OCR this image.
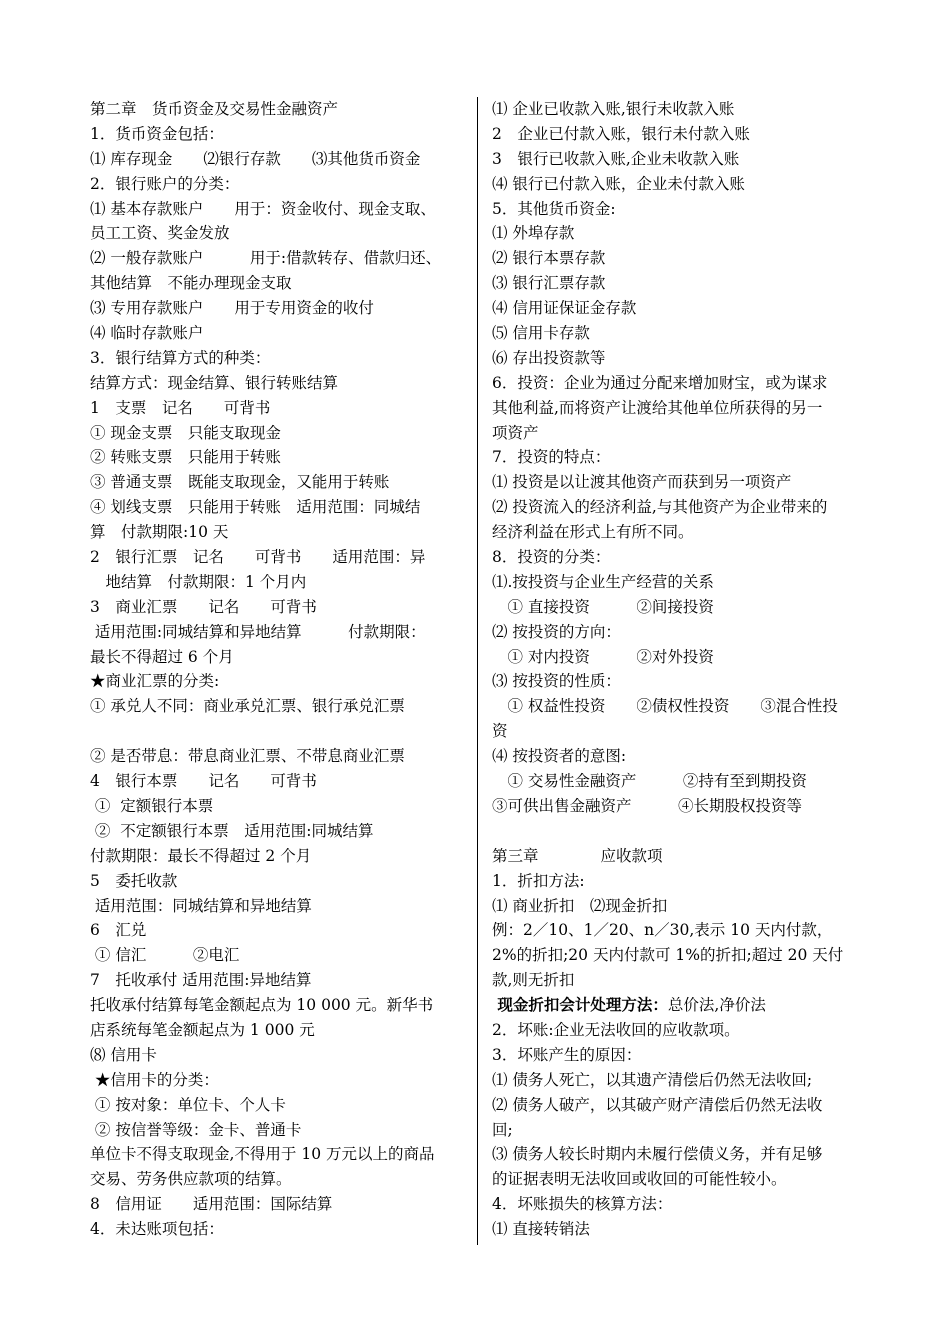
第二章　货币资金及交易性金融资产
1．货币资金包括：
⑴ 库存现金　　⑵银行存款　　⑶其他货币资金
2．银行账户的分类：
⑴ 基本存款账户　　用于：资金收付、现金支取、
员工工资、奖金发放
⑵ 一般存款账户　　　用于:借款转存、借款归还、
其他结算　不能办理现金支取
⑶ 专用存款账户　　用于专用资金的收付
⑷ 临时存款账户
3．银行结算方式的种类：
结算方式：现金结算、银行转账结算
1　支票　记名　　可背书
① 现金支票　只能支取现金
② 转账支票　只能用于转账
③ 普通支票　既能支取现金，又能用于转账
④ 划线支票　只能用于转账　适用范围：同城结
算　付款期限:10 天
2　银行汇票　记名　　可背书　　适用范围：异
　地结算　付款期限：1 个月内
3　商业汇票　　记名　　可背书
适用范围:同城结算和异地结算　　　付款期限：
最长不得超过 6 个月
★商业汇票的分类:
① 承兑人不同：商业承兑汇票、银行承兑汇票
② 是否带息：带息商业汇票、不带息商业汇票
4　银行本票　　记名　　可背书
①  定额银行本票
②  不定额银行本票　适用范围:同城结算
付款期限：最长不得超过 2 个月
5　委托收款
适用范围：同城结算和异地结算
6　汇兑
① 信汇　　　②电汇
7　托收承付 适用范围:异地结算
托收承付结算每笔金额起点为 10 000 元。新华书
店系统每笔金额起点为 1 000 元
⑻ 信用卡
★信用卡的分类：
① 按对象：单位卡、个人卡
② 按信誉等级：金卡、普通卡
单位卡不得支取现金,不得用于 10 万元以上的商品
交易、劳务供应款项的结算。
8　信用证　　适用范围：国际结算
4．未达账项包括：
⑴ 企业已收款入账,银行未收款入账
2　企业已付款入账，银行未付款入账
3　银行已收款入账,企业未收款入账
⑷ 银行已付款入账，企业未付款入账
5．其他货币资金:
⑴ 外埠存款
⑵ 银行本票存款
⑶ 银行汇票存款
⑷ 信用证保证金存款
⑸ 信用卡存款
⑹ 存出投资款等
6．投资：企业为通过分配来增加财宝，或为谋求
其他利益,而将资产让渡给其他单位所获得的另一
项资产
7．投资的特点：
⑴ 投资是以让渡其他资产而获到另一项资产
⑵ 投资流入的经济利益,与其他资产为企业带来的
经济利益在形式上有所不同。
8．投资的分类：
⑴.按投资与企业生产经营的关系
　① 直接投资　　　②间接投资
⑵ 按投资的方向：
　① 对内投资　　　②对外投资
⑶ 按投资的性质：
　① 权益性投资　　②债权性投资　　③混合性投
资
⑷ 按投资者的意图:
　① 交易性金融资产　　　②持有至到期投资
③可供出售金融资产　　　④长期股权投资等
第三章　　　　应收款项
1．折扣方法:
⑴ 商业折扣　⑵现金折扣
例：2／10、1／20、n／30,表示 10 天内付款，
2%的折扣;20 天内付款可 1%的折扣;超过 20 天付
款,则无折扣
现金折扣会计处理方法：总价法,净价法
2．坏账:企业无法收回的应收款项。
3．坏账产生的原因：
⑴ 债务人死亡，以其遗产清偿后仍然无法收回;
⑵ 债务人破产，以其破产财产清偿后仍然无法收
回;
⑶ 债务人较长时期内未履行偿债义务，并有足够
的证据表明无法收回或收回的可能性较小。
4．坏账损失的核算方法：
⑴ 直接转销法
